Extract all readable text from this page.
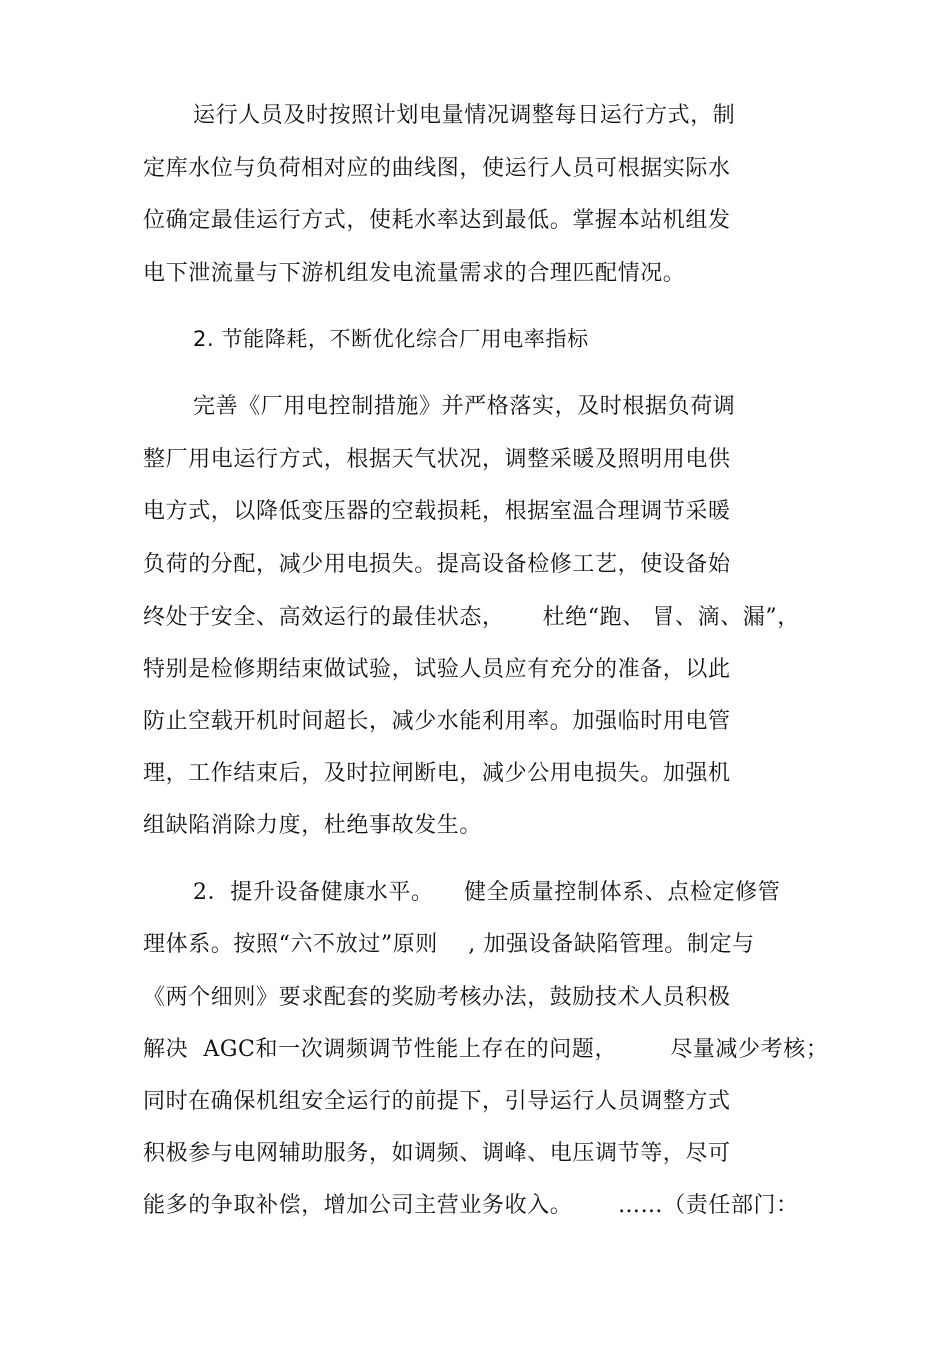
运行人员及时按照计划电量情况调整每日运行方式，制
定库水位与负荷相对应的曲线图，使运行人员可根据实际水
位确定最佳运行方式，使耗水率达到最低。掌握本站机组发
电下泄流量与下游机组发电流量需求的合理匹配情况。
2. 节能降耗，不断优化综合厂用电率指标
完善《厂用电控制措施》并严格落实，及时根据负荷调
整厂用电运行方式，根据天气状况，调整采暖及照明用电供
电方式，以降低变压器的空载损耗，根据室温合理调节采暖
负荷的分配，减少用电损失。提高设备检修工艺，使设备始
终处于安全、高效运行的最佳状态，     杜绝“跑、 冒、滴、漏”，
特别是检修期结束做试验，试验人员应有充分的准备，以此
防止空载开机时间超长，减少水能利用率。加强临时用电管
理，工作结束后，及时拉闸断电，减少公用电损失。加强机
组缺陷消除力度，杜绝事故发生。
2．提升设备健康水平。    健全质量控制体系、点检定修管
理体系。按照“六不放过”原则    , 加强设备缺陷管理。制定与
《两个细则》要求配套的奖励考核办法，鼓励技术人员积极
解决  AGC和一次调频调节性能上存在的问题，       尽量减少考核；
同时在确保机组安全运行的前提下，引导运行人员调整方式
积极参与电网辅助服务，如调频、调峰、电压调节等，尽可
能多的争取补偿，增加公司主营业务收入。      ……（责任部门：
